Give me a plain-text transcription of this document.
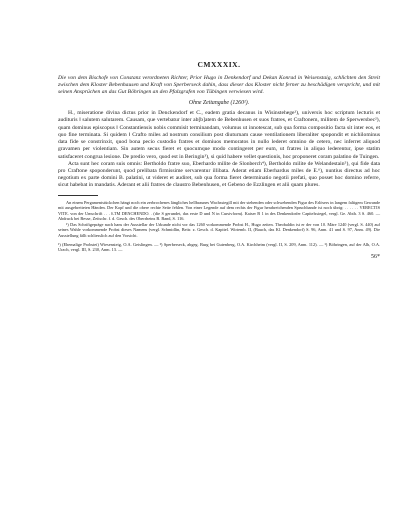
CMXXXIX.
Die von dem Bischofe von Constanz verordneten Richter, Prior Hugo in Denkendorf und Dekan Konrad in Weisenstaig, schlichten den Streit zwischen dem Kloster Bebenhausen und Kraft von Sperberseck dahin, dass dieser das Kloster nicht ferner zu beschädigen verspricht, und mit seinen Ansprüchen an das Gut Böhringen an den Pfalzgrafen von Tübingen verwiesen wird.
Ohne Zeitangabe (1260¹).

H., miseratione divina dictus prior in Denckendorf et C., eadem gratia decanus in Wisinstehege¹), universis hoc scriptum lecturis et audituris ‖ salutem salutarem. Causam, que vertebatur inter ab[b]atem de Bebenhusen et suos fratres, et Craftonem, militem de Sperwersbec²), quam dominus episcopus ‖ Constantiensis nobis commisit terminandam, volumus ut innotescat, sub qua forma compositio facta sit inter eos, et quo fine terminata. Si quidem ‖ Crafto miles ad nostrum consilium post diuturnam cause ventilationem liberaliter spopondit et nichilominus data fide se constrinxit, quod bona pecio custodio fratres et domiuos memoratos in nullo lederet omnino de cetero, nec inferret aliquod gravamen per violentiam. Sin autem secus fieret et quocumque modo contingeret per eum, ut fratres in aliquo lederentur, ipse statim satisfaceret congrua lesione. De predio vero, quod est in Beringin³), si quid habere vellet questionis, hoc proponeret coram palatino de Tuingen.

Acta sunt hec coram suis omnis: Bertholdo fratre suo, Eberhardo milite de Slonberch⁴), Bertholdo milite de Welandestain⁵), qui fide data pro Craftone spoponderunt, quod prelibata firmissime servarentur illibata. Aderat etiam Eberhardus miles de E.⁶), nuntius directus ad hoc negotium ex parte domini B. palatini, ut videret et audiret, sub qua forma fieret determinatio negotii prefati, quo posset hoc domino referre, sicut habebat in mandatis. Aderant et alii fratres de claustro Bebenhusen, et Gebeno de Ezzlingen et alii quam plures.

An einem Pergamentstückchen hängt noch ein zerbrochenes längliches hellbraunes Wachssiegill mit der stehenden oder schwebenden Figur des Erlösers in langem faltigem Gewande mit ausgebreiteten Händen. Der Kopf und die obere rechte Seite fehlen. Von einer Legende auf dem rechts der Figur herabreichenden Spruchbande ist noch übrig: . . . . . . VERECTIS VITE. von der Umschrift . . . ŁTM DENCHENDO. . (die S gerundet, das erste D und N in Cursivform). Kaiser B 1 in des Denkendorfer Capitelssiegel, vergl. Ge. Abth. 3 S. 460. — Abdruck bei Besse, Zeitschr. f. d. Gesch. des Oberrheins B. Band, S. 116.

¹) Das Schriftgepräge nach hans der Ausstellar der Urkunde nicht vor das 1260 vorkommende Probst H., Hugo zeiten. Theobaldin ist er der von 10. Märe 1240 (vergl. S. 440) auf seines Wahle vorkommende Probst dieses Namens (vergl. Schmidlin, Beitr. z. Gesch. d. Kapitel. Wirtemb. II, (Bauch, das Kl. Denkendorf) S. 96, Anm. 41 und S. 97, Anm. 49). Die Ausstellung fällt schliesslich auf den Vorsicht.

¹) (Ehemalige Probstei) Wiesensteig, O.A. Geislingen. — ²) Sperberseck, abgeg. Burg bei Gutenberg, O.A. Kirchheim (vergl. II, S. 209, Anm. 112). — ³) Böhringen, auf der Alb, O.A. Urach, vergl. III, S. 230, Anm. 13. —

56*
